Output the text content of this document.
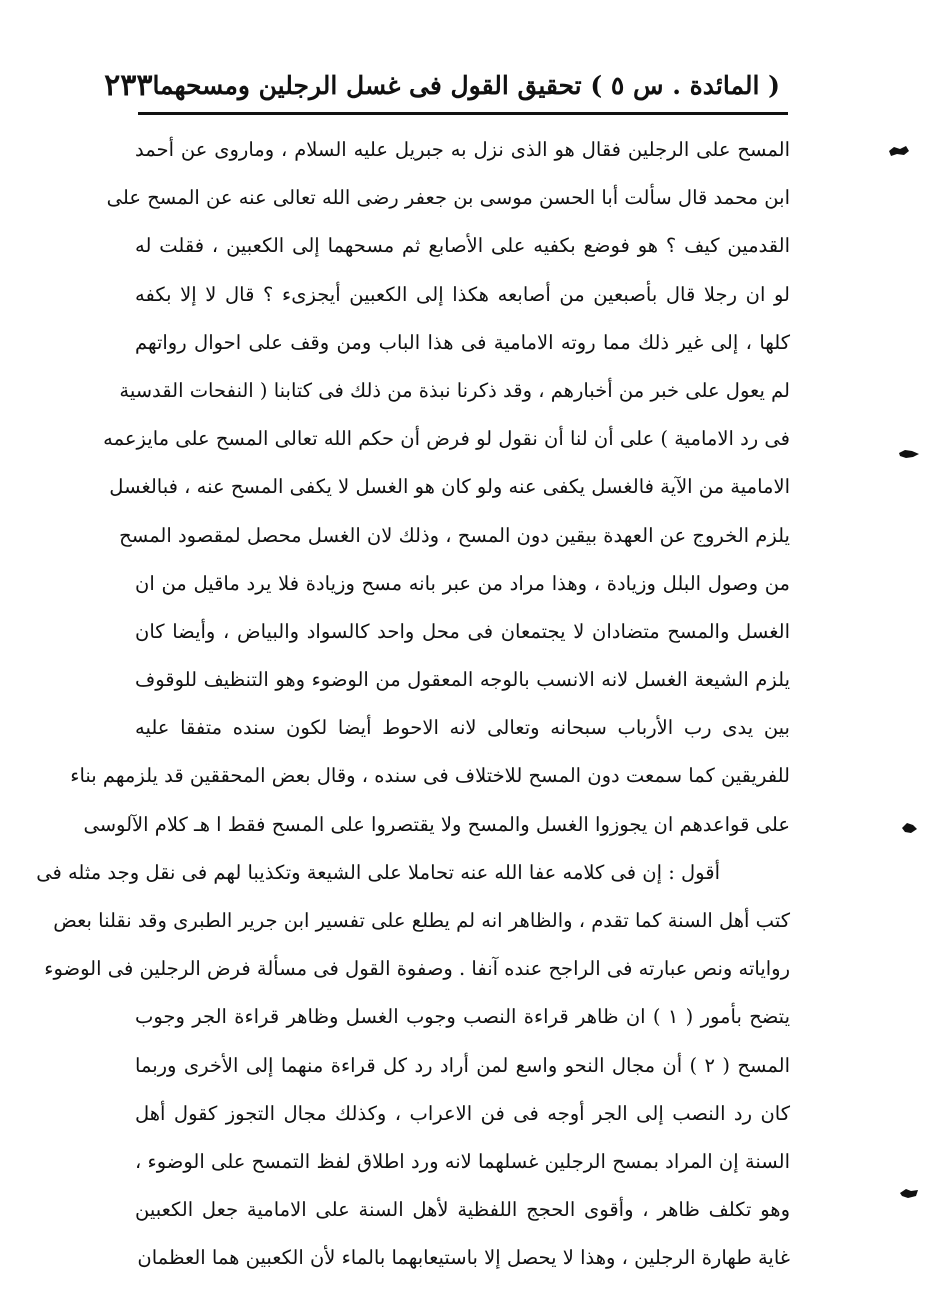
( المائدة . س ٥ ) تحقيق القول فى غسل الرجلين ومسحهما
٢٣٣
المسح على الرجلين فقال هو الذى نزل به جبريل عليه السلام ، وماروى عن أحمد
ابن محمد قال سألت أبا الحسن موسى بن جعفر رضى الله تعالى عنه عن المسح على
القدمين كيف ؟ هو فوضع بكفيه على الأصابع ثم مسحهما إلى الكعبين ، فقلت له
لو ان رجلا قال بأصبعين من أصابعه هكذا إلى الكعبين أيجزىء ؟ قال لا إلا بكفه
كلها ، إلى غير ذلك مما روته الامامية فى هذا الباب ومن وقف على احوال رواتهم
لم يعول على خبر من أخبارهم ، وقد ذكرنا نبذة من ذلك فى كتابنا ( النفحات القدسية
فى رد الامامية ) على أن لنا أن نقول لو فرض أن حكم الله تعالى المسح على مايزعمه
الامامية من الآية فالغسل يكفى عنه ولو كان هو الغسل لا يكفى المسح عنه ، فبالغسل
يلزم الخروج عن العهدة بيقين دون المسح ، وذلك لان الغسل محصل لمقصود المسح
من وصول البلل وزيادة ، وهذا مراد من عبر بانه مسح وزيادة فلا يرد ماقيل من ان
الغسل والمسح متضادان لا يجتمعان فى محل واحد كالسواد والبياض ، وأيضا كان
يلزم الشيعة الغسل لانه الانسب بالوجه المعقول من الوضوء وهو التنظيف للوقوف
بين يدى رب الأرباب سبحانه وتعالى لانه الاحوط أيضا لكون سنده متفقا عليه
للفريقين كما سمعت دون المسح للاختلاف فى سنده ، وقال بعض المحققين قد يلزمهم بناء
على قواعدهم ان يجوزوا الغسل والمسح ولا يقتصروا على المسح فقط ا هـ كلام الآلوسى
أقول : إن فى كلامه عفا الله عنه تحاملا على الشيعة وتكذيبا لهم فى نقل وجد مثله فى
كتب أهل السنة كما تقدم ، والظاهر انه لم يطلع على تفسير ابن جرير الطبرى وقد نقلنا بعض
رواياته ونص عبارته فى الراجح عنده آنفا . وصفوة القول فى مسألة فرض الرجلين فى الوضوء
يتضح بأمور ( ١ ) ان ظاهر قراءة النصب وجوب الغسل وظاهر قراءة الجر وجوب
المسح ( ٢ ) أن مجال النحو واسع لمن أراد رد كل قراءة منهما إلى الأخرى وربما
كان رد النصب إلى الجر أوجه فى فن الاعراب ، وكذلك مجال التجوز كقول أهل
السنة إن المراد بمسح الرجلين غسلهما لانه ورد اطلاق لفظ التمسح على الوضوء ،
وهو تكلف ظاهر ، وأقوى الحجج اللفظية لأهل السنة على الامامية جعل الكعبين
غاية طهارة الرجلين ، وهذا لا يحصل إلا باستيعابهما بالماء لأن الكعبين هما العظمان
